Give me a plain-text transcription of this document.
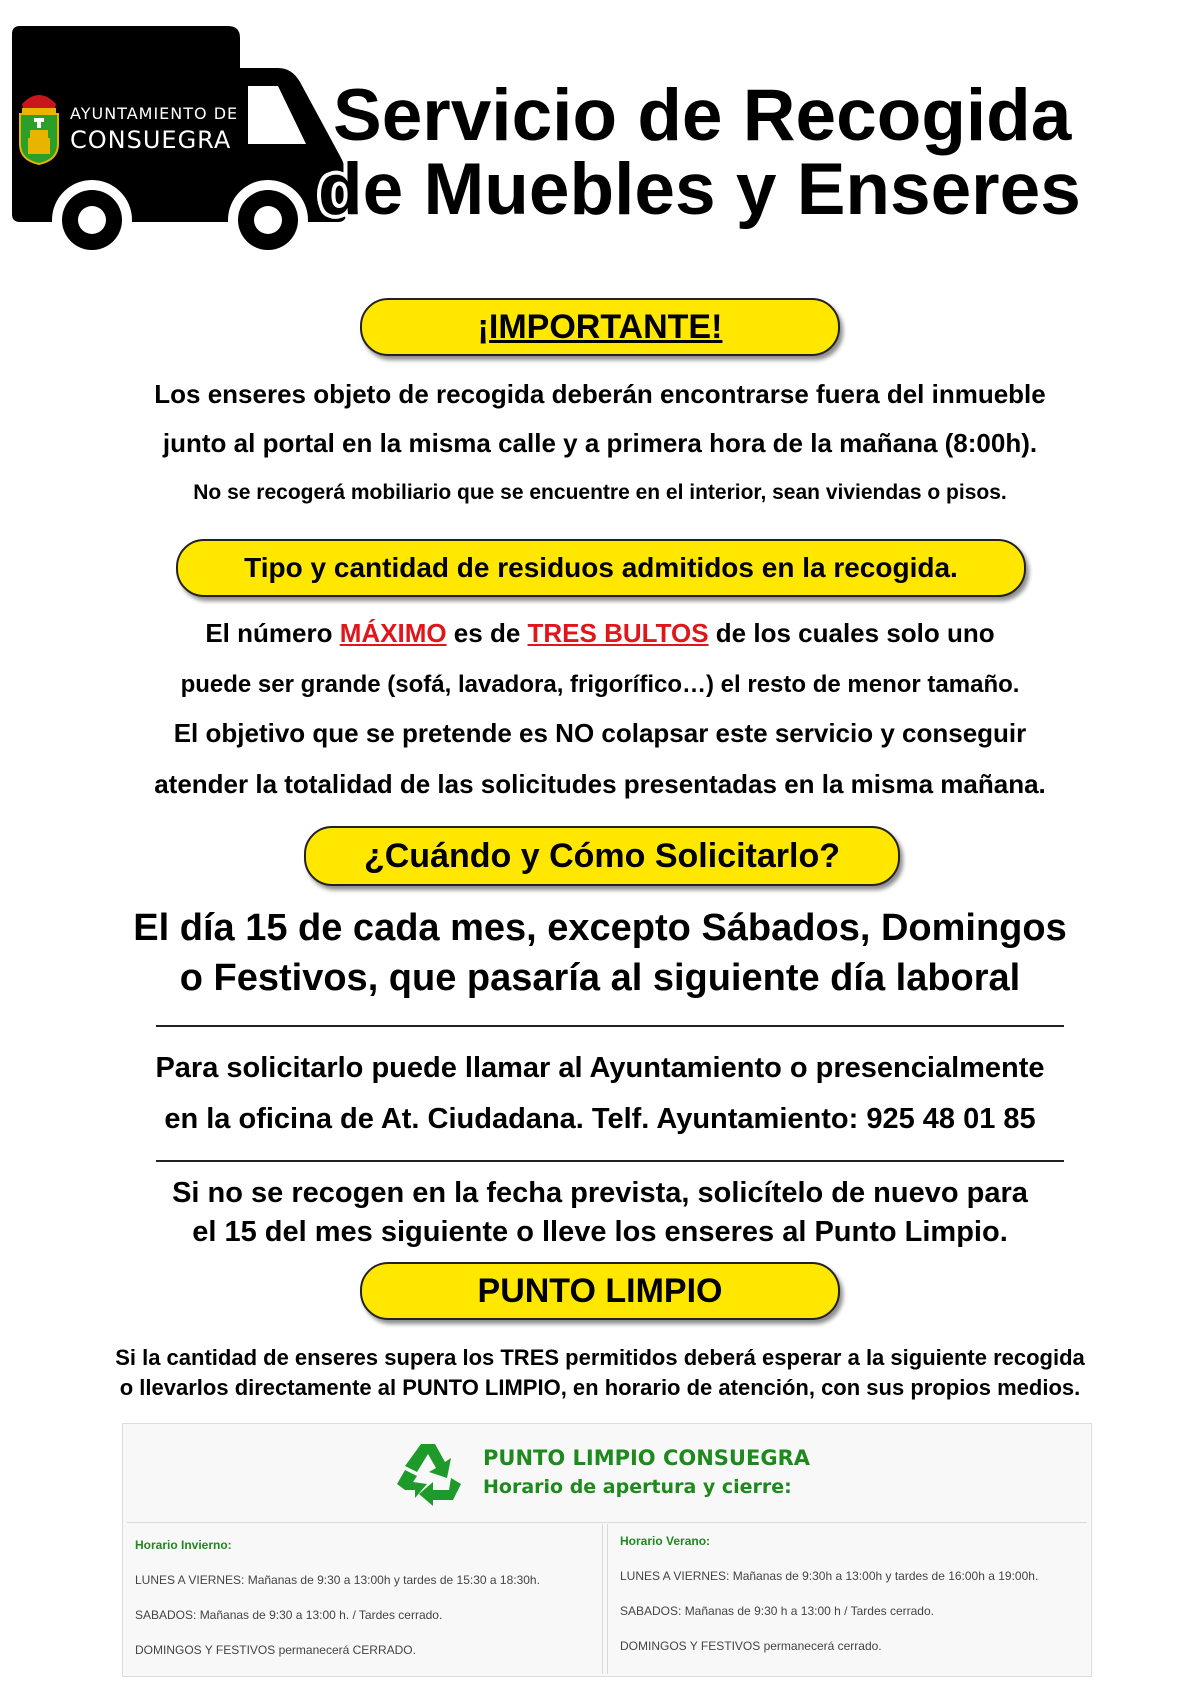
AYUNTAMIENTO DE
CONSUEGRA Servicio de Recogida
de Muebles y Enseres
¡IMPORTANTE!
Los enseres objeto de recogida deberán encontrarse fuera del inmueble
junto al portal en la misma calle y a primera hora de la mañana (8:00h).
No se recogerá mobiliario que se encuentre en el interior, sean viviendas o pisos.
Tipo y cantidad de residuos admitidos en la recogida.
El número MÁXIMO es de TRES BULTOS de los cuales solo uno
puede ser grande (sofá, lavadora, frigorífico…) el resto de menor tamaño.
El objetivo que se pretende es NO colapsar este servicio y conseguir
atender la totalidad de las solicitudes presentadas en la misma mañana.
¿Cuándo y Cómo Solicitarlo?
El día 15 de cada mes, excepto Sábados, Domingos
o Festivos, que pasaría al siguiente día laboral
Para solicitarlo puede llamar al Ayuntamiento o presencialmente
en la oficina de At. Ciudadana. Telf. Ayuntamiento: 925 48 01 85
Si no se recogen en la fecha prevista, solicítelo de nuevo para
el 15 del mes siguiente o lleve los enseres al Punto Limpio.
PUNTO LIMPIO
Si la cantidad de enseres supera los TRES permitidos deberá esperar a la siguiente recogida
o llevarlos directamente al PUNTO LIMPIO, en horario de atención, con sus propios medios.
PUNTO LIMPIO CONSUEGRA
Horario de apertura y cierre:
Horario Invierno:
LUNES A VIERNES: Mañanas de 9:30 a 13:00h y tardes de 15:30 a 18:30h.
SABADOS: Mañanas de 9:30 a 13:00 h. / Tardes cerrado.
DOMINGOS Y FESTIVOS permanecerá CERRADO.
Horario Verano:
LUNES A VIERNES: Mañanas de 9:30h a 13:00h y tardes de 16:00h a 19:00h.
SABADOS: Mañanas de 9:30 h a 13:00 h / Tardes cerrado.
DOMINGOS Y FESTIVOS permanecerá cerrado.
